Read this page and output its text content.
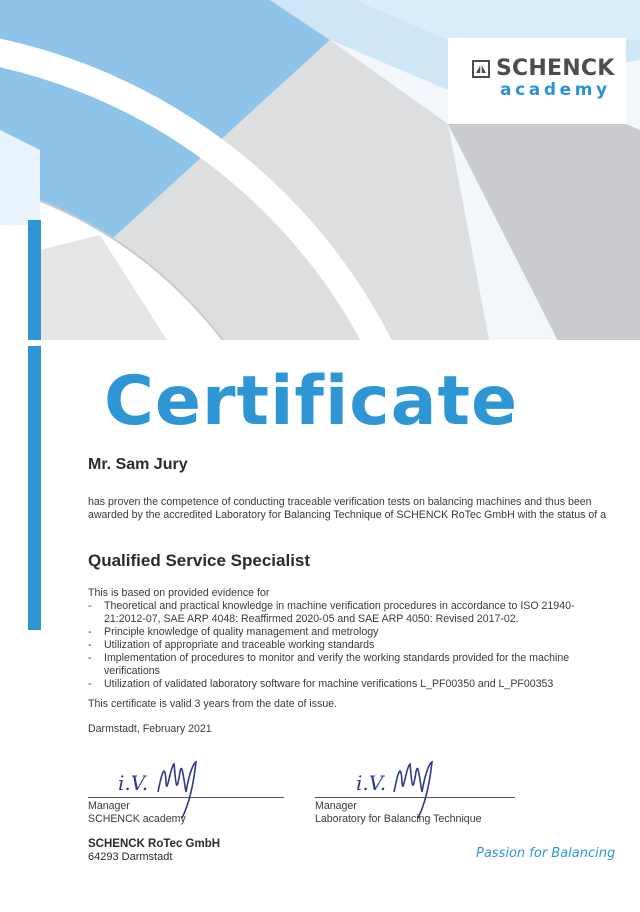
SCHENCK
academy
Certificate
Mr. Sam Jury
has proven the competence of conducting traceable verification tests on balancing machines and thus been awarded by the accredited Laboratory for Balancing Technique of SCHENCK RoTec GmbH with the status of a
Qualified Service Specialist
This is based on provided evidence for
- Theoretical and practical knowledge in machine verification procedures in accordance to ISO 21940-21:2012-07, SAE ARP 4048: Reaffirmed 2020-05 and SAE ARP 4050: Revised 2017-02.
- Principle knowledge of quality management and metrology
- Utilization of appropriate and traceable working standards
- Implementation of procedures to monitor and verify the working standards provided for the machine verifications
- Utilization of validated laboratory software for machine verifications L_PF00350 and L_PF00353
This certificate is valid 3 years from the date of issue.
Darmstadt, February 2021
i.V.
Manager
SCHENCK academy
i.V.
Manager
Laboratory for Balancing Technique
SCHENCK RoTec GmbH
64293 Darmstadt	Passion for Balancing
